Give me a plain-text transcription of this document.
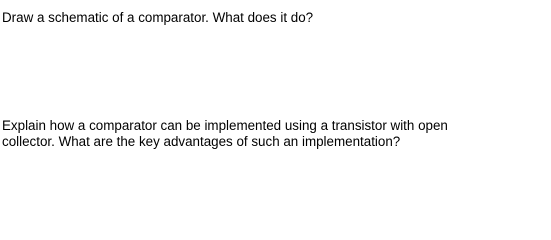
Draw a schematic of a comparator. What does it do?

Explain how a comparator can be implemented using a transistor with open
collector. What are the key advantages of such an implementation?
